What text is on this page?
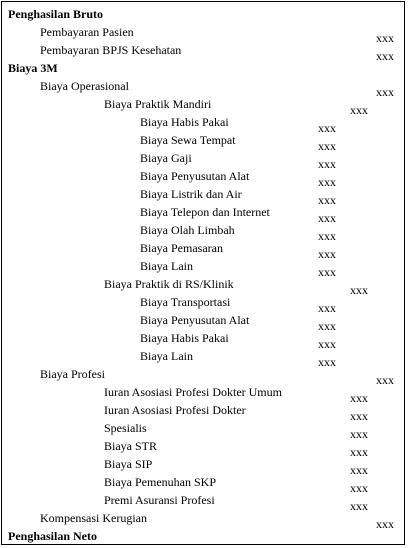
Penghasilan Bruto
Pembayaran Pasien	xxx
Pembayaran BPJS Kesehatan	xxx
Biaya 3M
Biaya Operasional	xxx
Biaya Praktik Mandiri	xxx
Biaya Habis Pakai	xxx
Biaya Sewa Tempat	xxx
Biaya Gaji	xxx
Biaya Penyusutan Alat	xxx
Biaya Listrik dan Air	xxx
Biaya Telepon dan Internet	xxx
Biaya Olah Limbah	xxx
Biaya Pemasaran	xxx
Biaya Lain	xxx
Biaya Praktik di RS/Klinik	xxx
Biaya Transportasi	xxx
Biaya Penyusutan Alat	xxx
Biaya Habis Pakai	xxx
Biaya Lain	xxx
Biaya Profesi	xxx
Iuran Asosiasi Profesi Dokter Umum	xxx
Iuran Asosiasi Profesi Dokter	xxx
Spesialis	xxx
Biaya STR	xxx
Biaya SIP	xxx
Biaya Pemenuhan SKP	xxx
Premi Asuransi Profesi	xxx
Kompensasi Kerugian	xxx
Penghasilan Neto
